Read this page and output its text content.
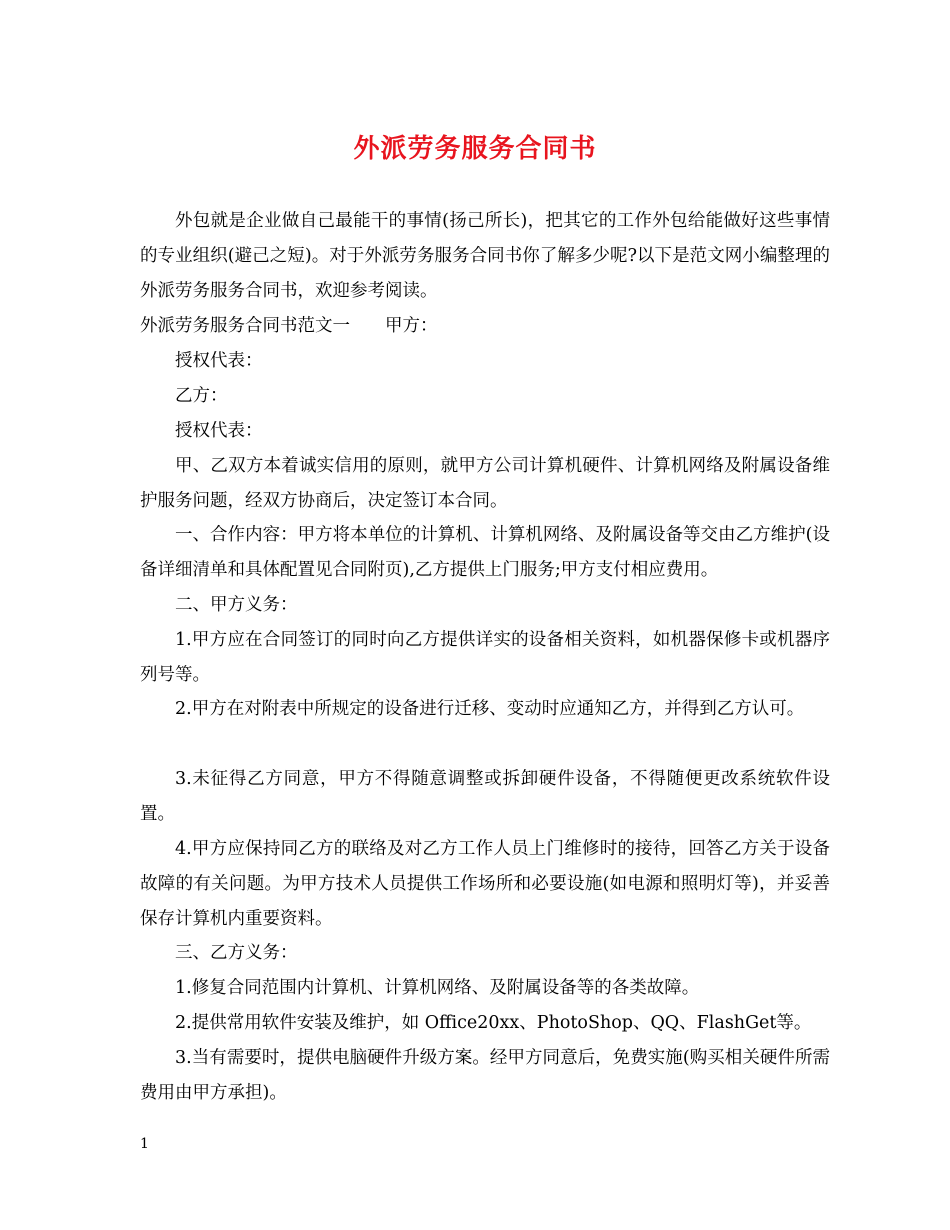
外派劳务服务合同书

外包就是企业做自己最能干的事情(扬己所长)，把其它的工作外包给能做好这些事情的专业组织(避己之短)。对于外派劳务服务合同书你了解多少呢?以下是范文网小编整理的外派劳务服务合同书，欢迎参考阅读。

外派劳务服务合同书范文一　　甲方：

授权代表：

乙方：

授权代表：

甲、乙双方本着诚实信用的原则，就甲方公司计算机硬件、计算机网络及附属设备维护服务问题，经双方协商后，决定签订本合同。

一、合作内容：甲方将本单位的计算机、计算机网络、及附属设备等交由乙方维护(设备详细清单和具体配置见合同附页),乙方提供上门服务;甲方支付相应费用。

二、甲方义务：

1.甲方应在合同签订的同时向乙方提供详实的设备相关资料，如机器保修卡或机器序列号等。

2.甲方在对附表中所规定的设备进行迁移、变动时应通知乙方，并得到乙方认可。

3.未征得乙方同意，甲方不得随意调整或拆卸硬件设备，不得随便更改系统软件设置。

4.甲方应保持同乙方的联络及对乙方工作人员上门维修时的接待，回答乙方关于设备故障的有关问题。为甲方技术人员提供工作场所和必要设施(如电源和照明灯等)，并妥善保存计算机内重要资料。

三、乙方义务：

1.修复合同范围内计算机、计算机网络、及附属设备等的各类故障。

2.提供常用软件安装及维护，如 Office20xx、PhotoShop、QQ、FlashGet等。

3.当有需要时，提供电脑硬件升级方案。经甲方同意后，免费实施(购买相关硬件所需费用由甲方承担)。

1
